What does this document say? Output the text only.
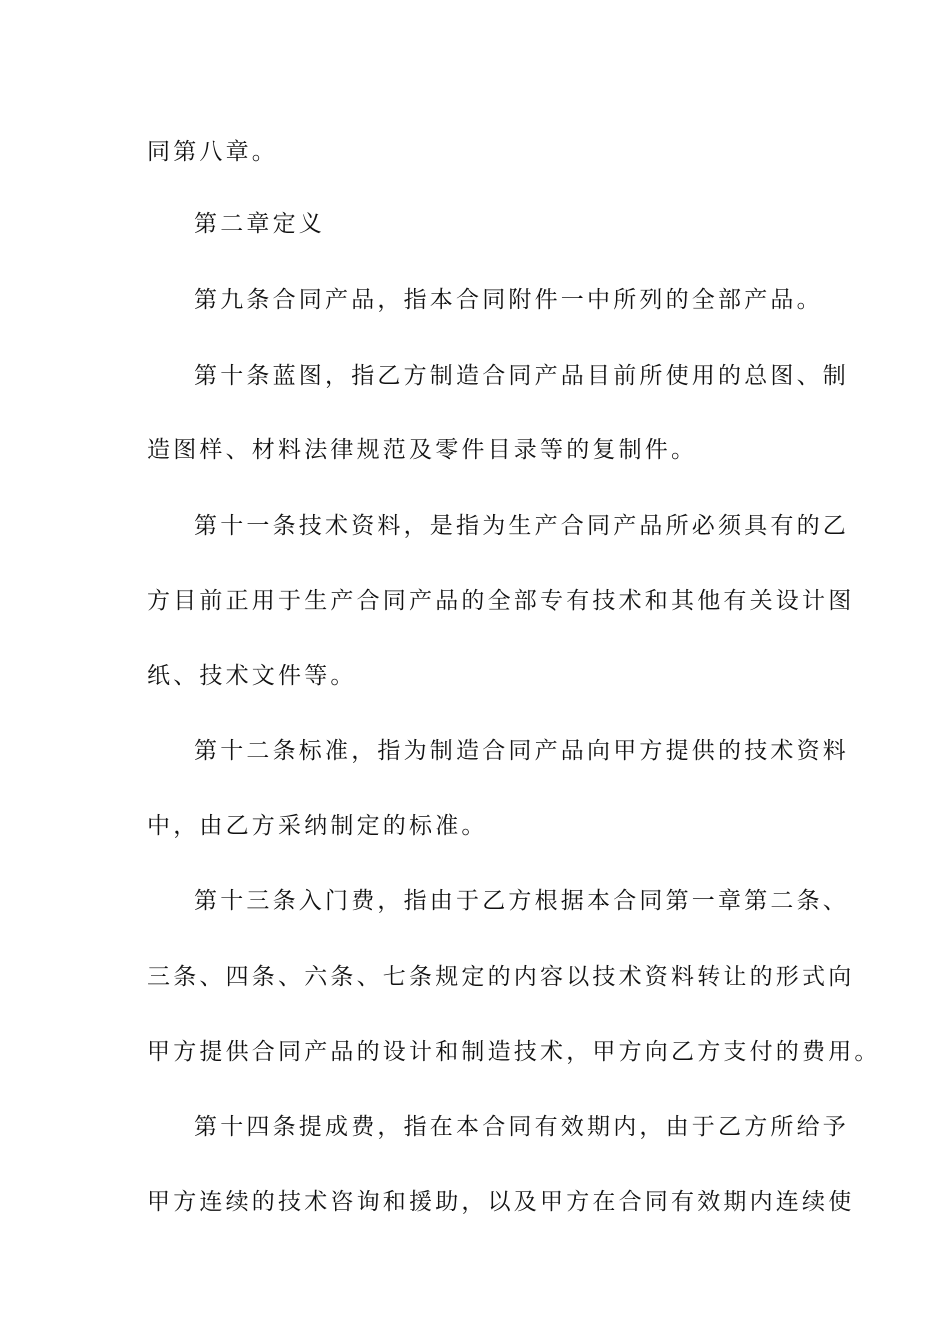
同第八章。
第二章定义
第九条合同产品，指本合同附件一中所列的全部产品。
第十条蓝图，指乙方制造合同产品目前所使用的总图、制
造图样、材料法律规范及零件目录等的复制件。
第十一条技术资料，是指为生产合同产品所必须具有的乙
方目前正用于生产合同产品的全部专有技术和其他有关设计图
纸、技术文件等。
第十二条标准，指为制造合同产品向甲方提供的技术资料
中，由乙方采纳制定的标准。
第十三条入门费，指由于乙方根据本合同第一章第二条、
三条、四条、六条、七条规定的内容以技术资料转让的形式向
甲方提供合同产品的设计和制造技术，甲方向乙方支付的费用。
第十四条提成费，指在本合同有效期内，由于乙方所给予
甲方连续的技术咨询和援助，以及甲方在合同有效期内连续使
